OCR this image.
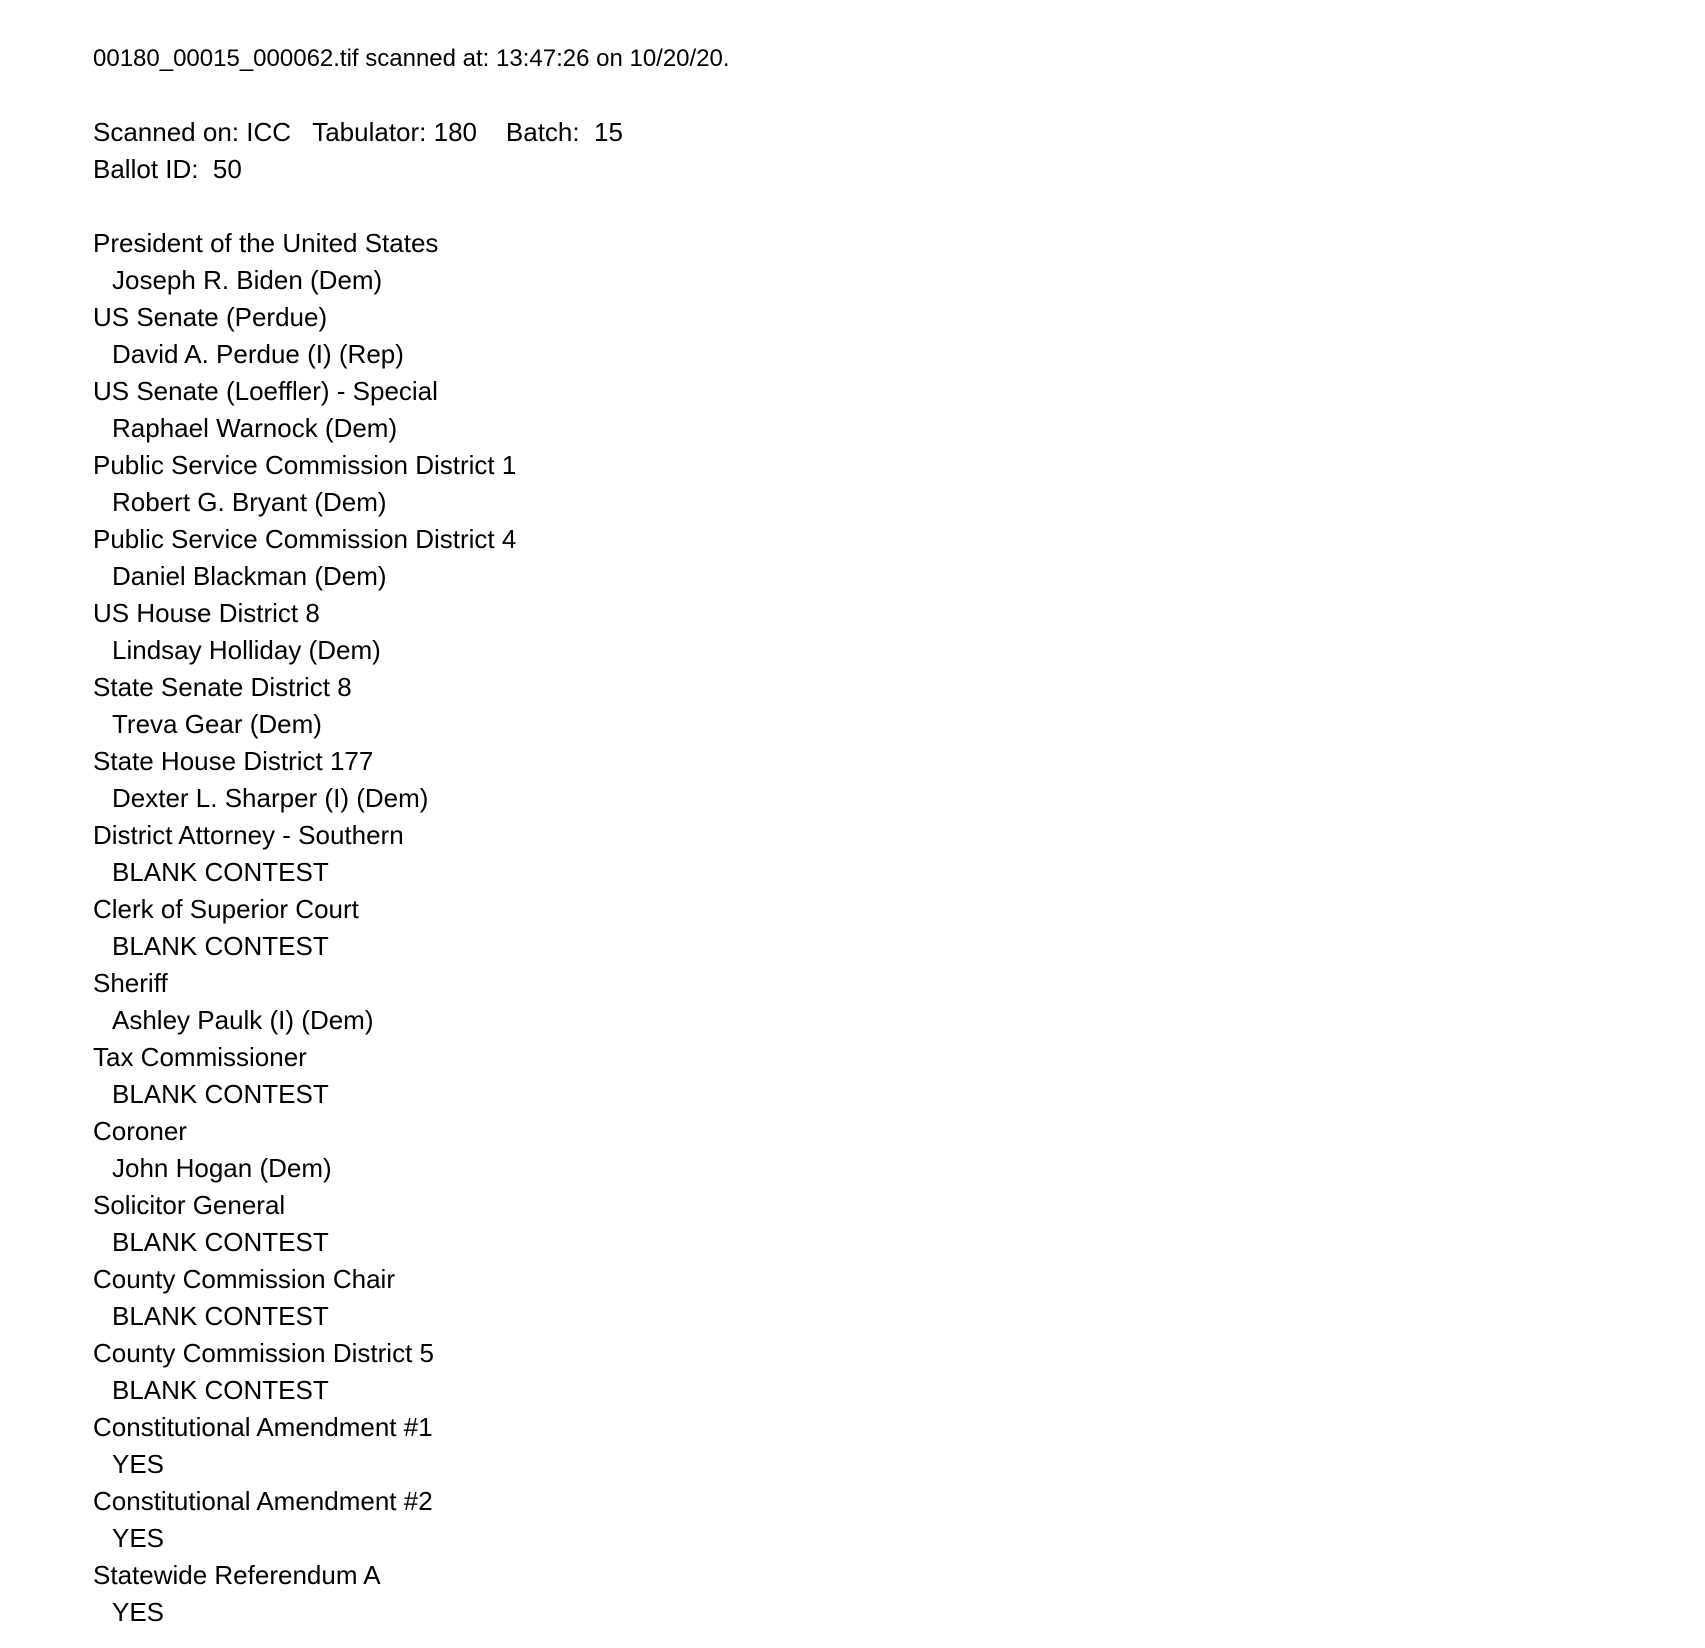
00180_00015_000062.tif scanned at: 13:47:26 on 10/20/20.
Scanned on: ICC   Tabulator: 180    Batch:  15
Ballot ID:  50
President of the United States
Joseph R. Biden (Dem)
US Senate (Perdue)
David A. Perdue (I) (Rep)
US Senate (Loeffler) - Special
Raphael Warnock (Dem)
Public Service Commission District 1
Robert G. Bryant (Dem)
Public Service Commission District 4
Daniel Blackman (Dem)
US House District 8
Lindsay Holliday (Dem)
State Senate District 8
Treva Gear (Dem)
State House District 177
Dexter L. Sharper (I) (Dem)
District Attorney - Southern
BLANK CONTEST
Clerk of Superior Court
BLANK CONTEST
Sheriff
Ashley Paulk (I) (Dem)
Tax Commissioner
BLANK CONTEST
Coroner
John Hogan (Dem)
Solicitor General
BLANK CONTEST
County Commission Chair
BLANK CONTEST
County Commission District 5
BLANK CONTEST
Constitutional Amendment #1
YES
Constitutional Amendment #2
YES
Statewide Referendum A
YES
